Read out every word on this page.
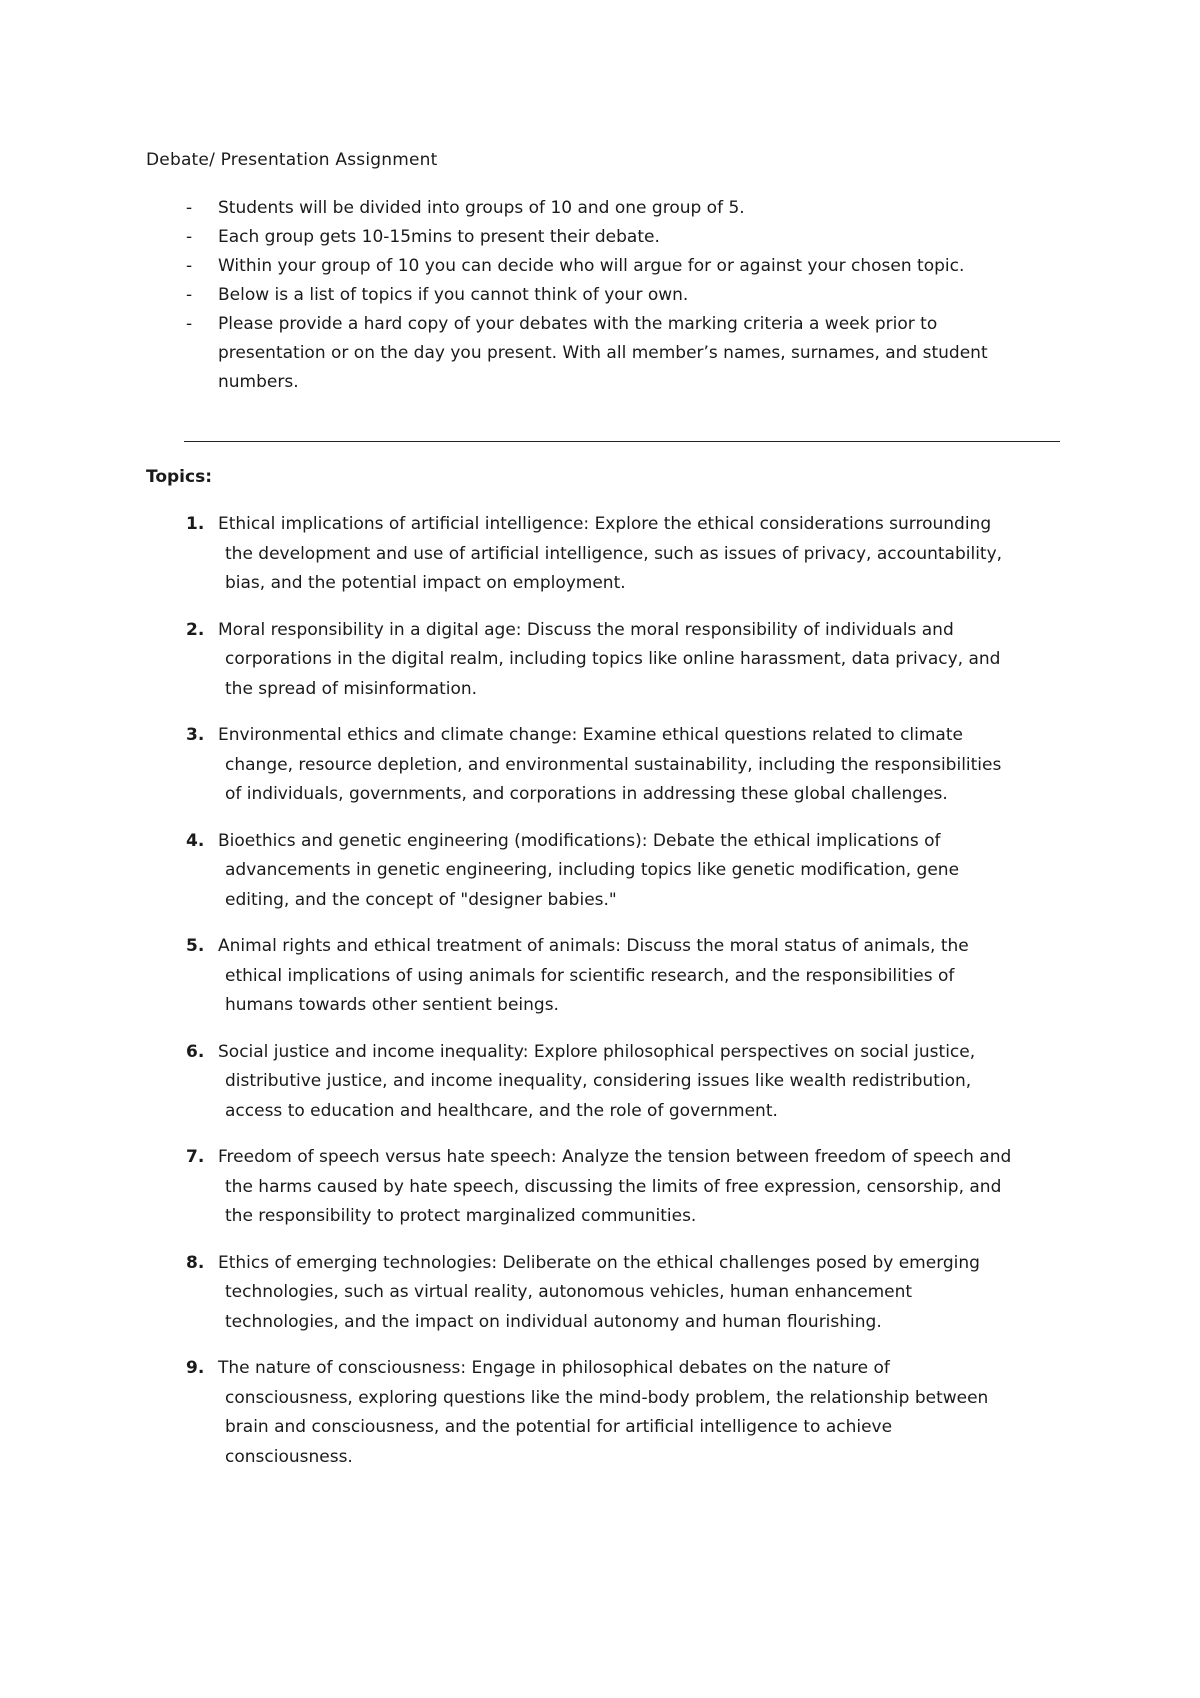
Debate/ Presentation Assignment
- Students will be divided into groups of 10 and one group of 5.
- Each group gets 10-15mins to present their debate.
- Within your group of 10 you can decide who will argue for or against your chosen topic.
- Below is a list of topics if you cannot think of your own.
- Please provide a hard copy of your debates with the marking criteria a week prior to
presentation or on the day you present. With all member’s names, surnames, and student
numbers.
Topics:
1. Ethical implications of artificial intelligence: Explore the ethical considerations surrounding
the development and use of artificial intelligence, such as issues of privacy, accountability,
bias, and the potential impact on employment.
2. Moral responsibility in a digital age: Discuss the moral responsibility of individuals and
corporations in the digital realm, including topics like online harassment, data privacy, and
the spread of misinformation.
3. Environmental ethics and climate change: Examine ethical questions related to climate
change, resource depletion, and environmental sustainability, including the responsibilities
of individuals, governments, and corporations in addressing these global challenges.
4. Bioethics and genetic engineering (modifications): Debate the ethical implications of
advancements in genetic engineering, including topics like genetic modification, gene
editing, and the concept of "designer babies."
5. Animal rights and ethical treatment of animals: Discuss the moral status of animals, the
ethical implications of using animals for scientific research, and the responsibilities of
humans towards other sentient beings.
6. Social justice and income inequality: Explore philosophical perspectives on social justice,
distributive justice, and income inequality, considering issues like wealth redistribution,
access to education and healthcare, and the role of government.
7. Freedom of speech versus hate speech: Analyze the tension between freedom of speech and
the harms caused by hate speech, discussing the limits of free expression, censorship, and
the responsibility to protect marginalized communities.
8. Ethics of emerging technologies: Deliberate on the ethical challenges posed by emerging
technologies, such as virtual reality, autonomous vehicles, human enhancement
technologies, and the impact on individual autonomy and human flourishing.
9. The nature of consciousness: Engage in philosophical debates on the nature of
consciousness, exploring questions like the mind-body problem, the relationship between
brain and consciousness, and the potential for artificial intelligence to achieve
consciousness.
